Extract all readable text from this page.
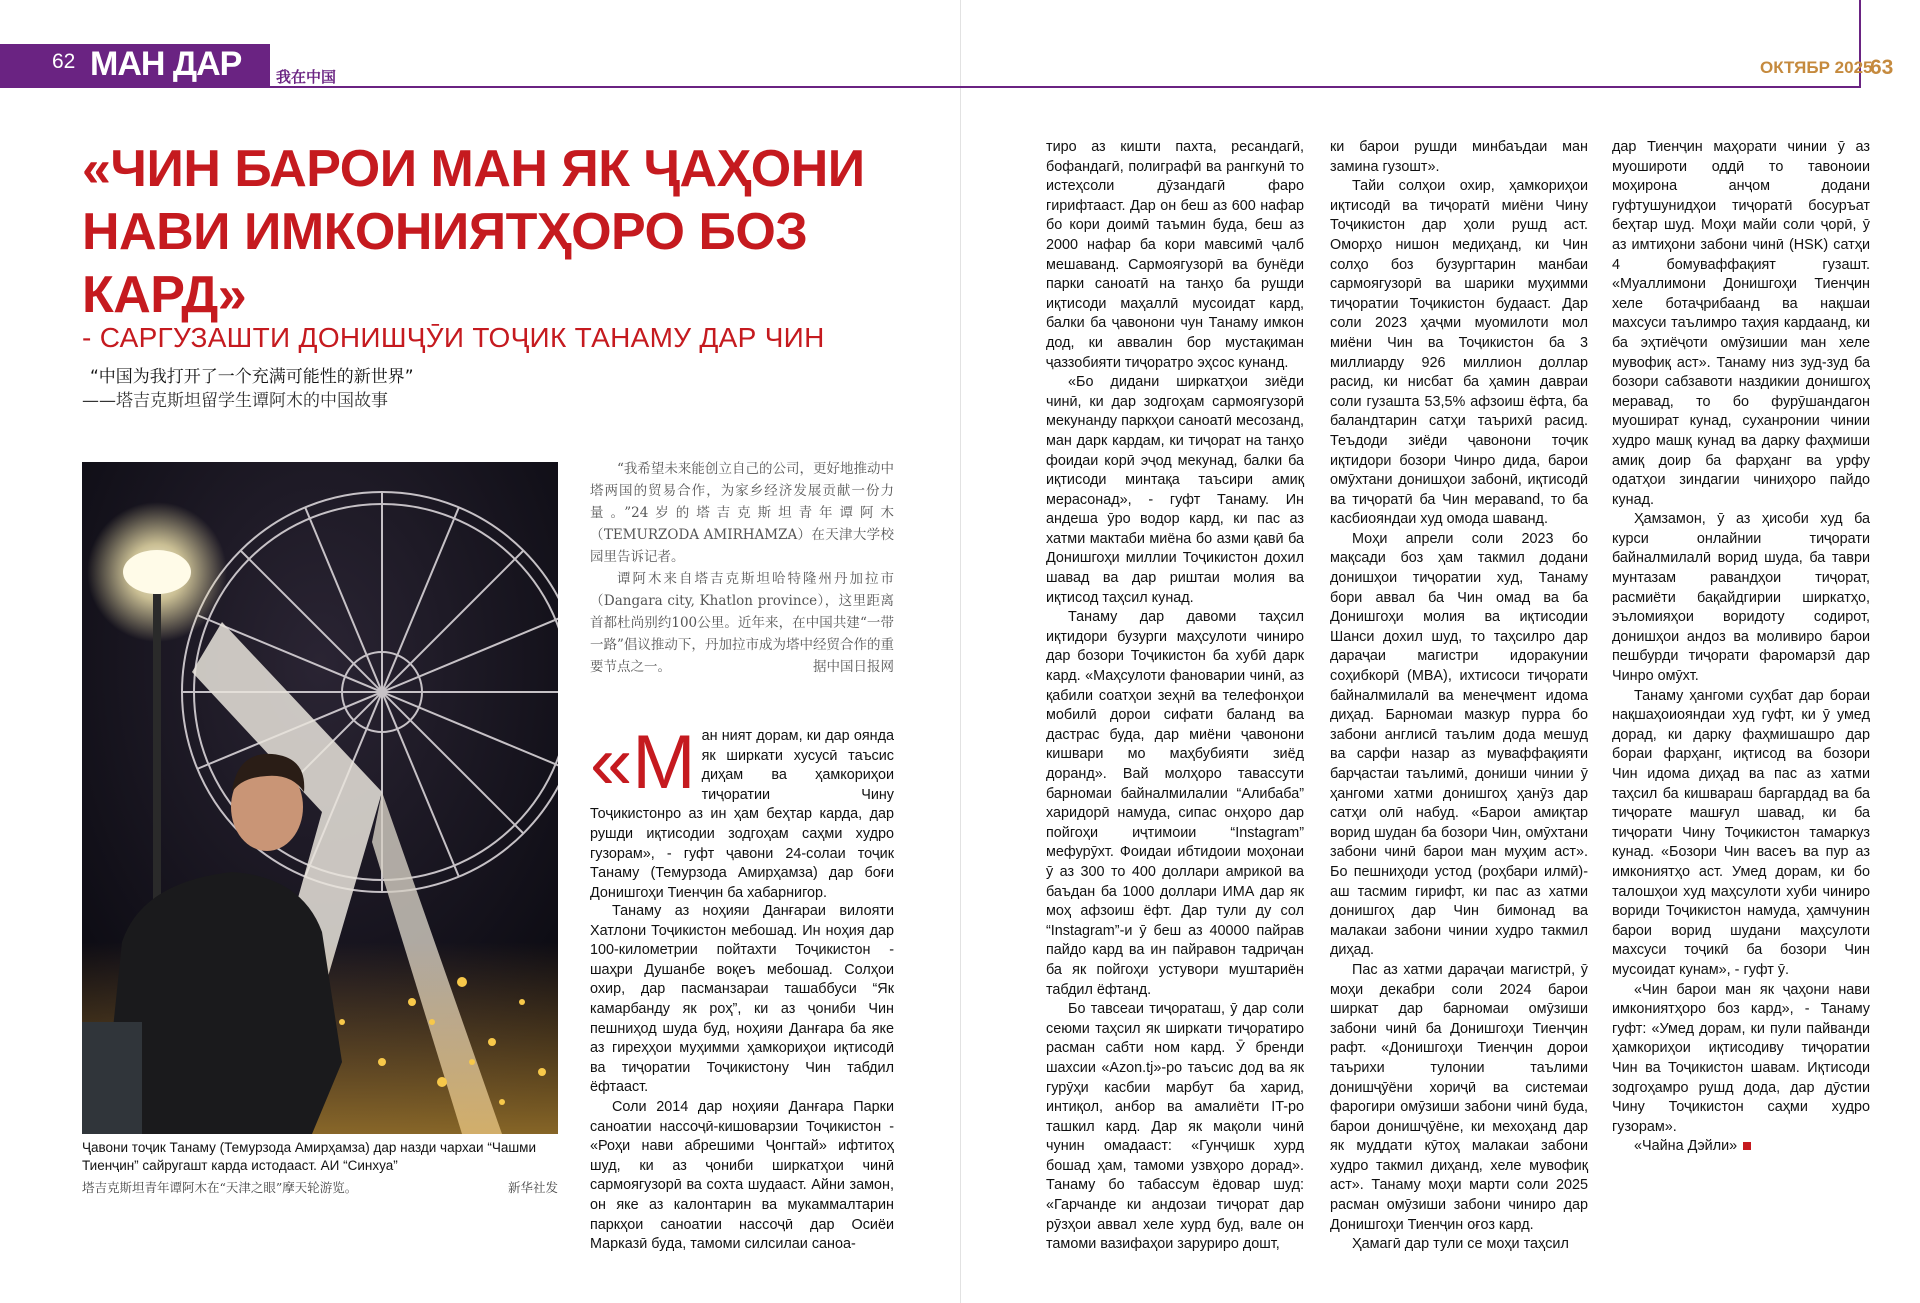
62 МАН ДАР ЧИН
我在中国	ОКТЯБР 2025
63
«ЧИН БАРОИ МАН ЯК ҶАҲОНИ НАВИ ИМКОНИЯТҲОРО БОЗ КАРД»
- САРГУЗАШТИ ДОНИШҶӮИ ТОҶИК ТАНАМУ ДАР ЧИН
“中国为我打开了一个充满可能性的新世界”
——塔吉克斯坦留学生谭阿木的中国故事
Ҷавони тоҷик Танаму (Темурзода Амирҳамза) дар назди чархаи “Чашми Тиенҷин” сайругашт карда истодааст. АИ “Синхуа”
塔吉克斯坦青年谭阿木在“天津之眼”摩天轮游览。	新华社发

“我希望未来能创立自己的公司，更好地推动中塔两国的贸易合作，为家乡经济发展贡献一份力量。”24岁的塔吉克斯坦青年谭阿木（TEMURZODA AMIRHAMZA）在天津大学校园里告诉记者。

谭阿木来自塔吉克斯坦哈特隆州丹加拉市（Dangara city, Khatlon province），这里距离首都杜尚别约100公里。近年来，在中国共建“一带一路”倡议推动下，丹加拉市成为塔中经贸合作的重要节点之一。	据中国日报网

«Ман ният дорам, ки дар оянда як ширкати хусусӣ таъсис диҳам ва ҳамкориҳои тиҷоратии Чину Тоҷикистонро аз ин ҳам беҳтар карда, дар рушди иқтисодии зодгоҳам саҳми худро гузорам», - гуфт ҷавони 24-солаи тоҷик Танаму (Темурзода Амирҳамза) дар боғи Донишгоҳи Тиенҷин ба хабарнигор.

Танаму аз ноҳияи Данғараи вилояти Хатлони Тоҷикистон мебошад. Ин ноҳия дар 100-километрии пойтахти Тоҷикистон - шаҳри Душанбе воқеъ мебошад. Солҳои охир, дар пасманзараи ташаббуси “Як камарбанду як роҳ”, ки аз ҷониби Чин пешниҳод шуда буд, ноҳияи Данғара ба яке аз гиреҳҳои муҳимми ҳамкориҳои иқтисодӣ ва тиҷоратии Тоҷикистону Чин табдил ёфтааст.

Соли 2014 дар ноҳияи Данғара Парки саноатии нассоҷӣ-кишоварзии Тоҷикистон - «Роҳи нави абрешими Ҷонгтай» ифтитоҳ шуд, ки аз ҷониби ширкатҳои чинӣ сармоягузорӣ ва сохта шудааст. Айни замон, он яке аз калонтарин ва мукаммалтарин паркҳои саноатии нассоҷӣ дар Осиёи Марказӣ буда, тамоми силсилаи саноа-

тиро аз кишти пахта, ресандагӣ, бофандагӣ, полиграфӣ ва рангкунӣ то истеҳсоли дӯзандагӣ фаро гирифтааст. Дар он беш аз 600 нафар бо кори доимӣ таъмин буда, беш аз 2000 нафар ба кори мавсимӣ ҷалб мешаванд. Сармоягузорӣ ва бунёди парки саноатӣ на танҳо ба рушди иқтисоди маҳаллӣ мусоидат кард, балки ба ҷавонони чун Танаму имкон дод, ки аввалин бор мустақиман ҷаззобияти тиҷоратро эҳсос кунанд.

«Бо дидани ширкатҳои зиёди чинӣ, ки дар зодгоҳам сармоягузорӣ мекунанду паркҳои саноатӣ месозанд, ман дарк кардам, ки тиҷорат на танҳо фоидаи корӣ эҷод мекунад, балки ба иқтисоди минтақа таъсири амиқ мерасонад», - гуфт Танаму. Ин андеша ӯро водор кард, ки пас аз хатми мактаби миёна бо азми қавӣ ба Донишгоҳи миллии Тоҷикистон дохил шавад ва дар риштаи молия ва иқтисод таҳсил кунад.

Танаму дар давоми таҳсил иқтидори бузурги маҳсулоти чиниро дар бозори Тоҷикистон ба хубӣ дарк кард. «Маҳсулоти фановарии чинӣ, аз қабили соатҳои зеҳнӣ ва телефонҳои мобилӣ дорои сифати баланд ва дастрас буда, дар миёни ҷавонони кишвари мо маҳбубияти зиёд доранд». Вай молҳоро тавассути барномаи байналмилалии “Алибаба” харидорӣ намуда, сипас онҳоро дар пойгоҳи иҷтимоии “Instagram” мефурӯхт. Фоидаи ибтидоии моҳонаи ӯ аз 300 то 400 доллари амрикоӣ ва баъдан ба 1000 доллари ИМА дар як моҳ афзоиш ёфт. Дар тули ду сол “Instagram”-и ӯ беш аз 40000 пайрав пайдо кард ва ин пайравон тадриҷан ба як пойгоҳи устувори муштариён табдил ёфтанд.

Бо тавсеаи тиҷораташ, ӯ дар соли сеюми таҳсил як ширкати тиҷоратиро расман сабти ном кард. Ӯ бренди шахсии «Azon.tj»-ро таъсис дод ва як гурӯҳи касбии марбут ба харид, интиқол, анбор ва амалиёти IT-ро ташкил кард. Дар як мақоли чинӣ чунин омадааст: «Гунҷишк хурд бошад ҳам, тамоми узвҳоро дорад». Танаму бо табассум ёдовар шуд: «Гарчанде ки андозаи тиҷорат дар рӯзҳои аввал хеле хурд буд, вале он тамоми вазифаҳои заруриро дошт,

ки барои рушди минбаъдаи ман замина гузошт».

Тайи солҳои охир, ҳамкориҳои иқтисодӣ ва тиҷоратӣ миёни Чину Тоҷикистон дар ҳоли рушд аст. Оморҳо нишон медиҳанд, ки Чин солҳо боз бузургтарин манбаи сармоягузорӣ ва шарики муҳимми тиҷоратии Тоҷикистон будааст. Дар соли 2023 ҳаҷми муомилоти мол миёни Чин ва Тоҷикистон ба 3 миллиарду 926 миллион доллар расид, ки нисбат ба ҳамин давраи соли гузашта 53,5% афзоиш ёфта, ба баландтарин сатҳи таърихӣ расид. Теъдоди зиёди ҷавонони тоҷик иқтидори бозори Чинро дида, барои омӯхтани донишҳои забонӣ, иқтисодӣ ва тиҷоратӣ ба Чин меравand, то ба касбиояндаи худ омода шаванд.

Моҳи апрели соли 2023 бо мақсади боз ҳам такмил додани донишҳои тиҷоратии худ, Танаму бори аввал ба Чин омад ва ба Донишгоҳи молия ва иқтисодии Шанси дохил шуд, то таҳсилро дар дараҷаи магистри идоракунии соҳибкорӣ (MBA), ихтисоси тиҷорати байналмилалӣ ва менеҷмент идома диҳад. Барномаи мазкур пурра бо забони англисӣ таълим дода мешуд ва сарфи назар аз муваффақияти барҷастаи таълимӣ, дониши чинии ӯ ҳангоми хатми донишгоҳ ҳанӯз дар сатҳи олӣ набуд. «Барои амиқтар ворид шудан ба бозори Чин, омӯхтани забони чинӣ барои ман муҳим аст». Бо пешниҳоди устод (роҳбари илмӣ)-аш тасмим гирифт, ки пас аз хатми донишгоҳ дар Чин бимонад ва малакаи забони чинии худро такмил диҳад.

Пас аз хатми дараҷаи магистрӣ, ӯ моҳи декабри соли 2024 барои ширкат дар барномаи омӯзиши забони чинӣ ба Донишгоҳи Тиенҷин рафт. «Донишгоҳи Тиенҷин дорои таърихи тулонии таълими донишҷӯёни хориҷӣ ва системаи фарогири омӯзиши забони чинӣ буда, барои донишҷӯёне, ки мехоҳанд дар як муддати кӯтоҳ малакаи забони худро такмил диҳанд, хеле мувофиқ аст». Танаму моҳи марти соли 2025 расман омӯзиши забони чиниро дар Донишгоҳи Тиенҷин оғоз кард.

Ҳамагӣ дар тули се моҳи таҳсил

дар Тиенҷин маҳорати чинии ӯ аз муошироти оддӣ то тавоноии моҳирона анҷом додани гуфтушунидҳои тиҷоратӣ босуръат беҳтар шуд. Моҳи майи соли ҷорӣ, ӯ аз имтиҳони забони чинӣ (HSK) сатҳи 4 бомуваффақият гузашт. «Муаллимони Донишгоҳи Тиенҷин хеле ботаҷрибаанд ва нақшаи махсуси таълимро таҳия кардаанд, ки ба эҳтиёҷоти омӯзишии ман хеле мувофиқ аст». Танаму низ зуд-зуд ба бозори сабзавоти наздикии донишгоҳ меравад, то бо фурӯшандагон муошират кунад, суханронии чинии худро машқ кунад ва дарку фаҳмиши амиқ доир ба фарҳанг ва урфу одатҳои зиндагии чиниҳоро пайдо кунад.

Ҳамзамон, ӯ аз ҳисоби худ ба курси онлайнии тиҷорати байналмилалӣ ворид шуда, ба таври мунтазам равандҳои тиҷорат, расмиёти бақайдгирии ширкатҳо, эъломияҳои воридоту содирот, донишҳои андоз ва моливиро барои пешбурди тиҷорати фаромарзӣ дар Чинро омӯхт.

Танаму ҳангоми суҳбат дар бораи нақшаҳоиояндаи худ гуфт, ки ӯ умед дорад, ки дарку фаҳмишашро дар бораи фарҳанг, иқтисод ва бозори Чин идома диҳад ва пас аз хатми таҳсил ба кишвараш баргардад ва ба тиҷорате машғул шавад, ки ба тиҷорати Чину Тоҷикистон тамаркуз кунад. «Бозори Чин васеъ ва пур аз имкониятҳо аст. Умед дорам, ки бо талошҳои худ маҳсулоти хуби чиниро вориди Тоҷикистон намуда, ҳамчунин барои ворид шудани маҳсулоти махсуси тоҷикӣ ба бозори Чин мусоидат кунам», - гуфт ӯ.

«Чин барои ман як ҷаҳони нави имкониятҳоро боз кард», - Танаму гуфт: «Умед дорам, ки пули пайванди ҳамкориҳои иқтисодиву тиҷоратии Чин ва Тоҷикистон шавам. Иқтисоди зодгоҳамро рушд дода, дар дӯстии Чину Тоҷикистон саҳми худро гузорам».

«Чайна Дэйли»
